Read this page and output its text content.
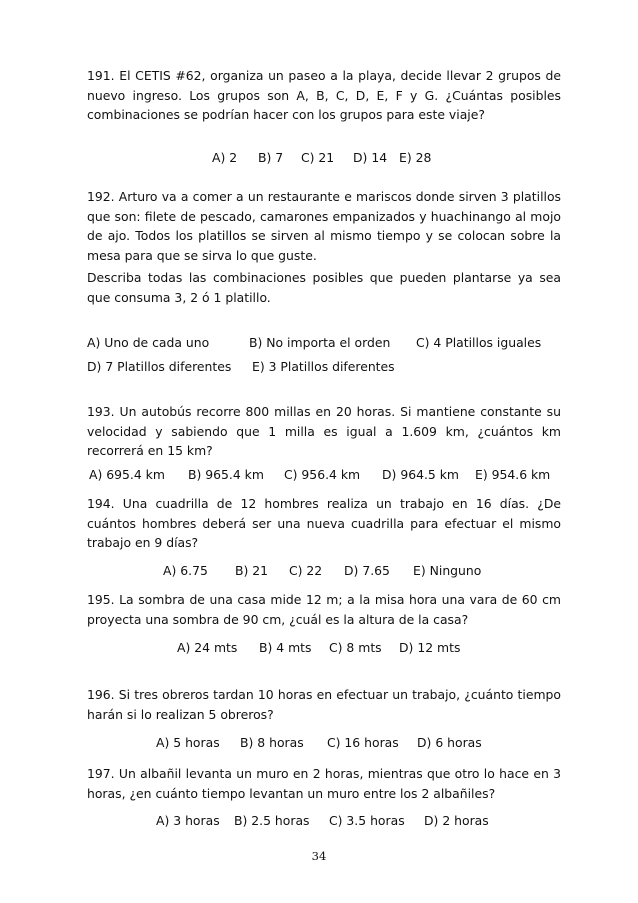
191. El CETIS #62, organiza un paseo a la playa, decide llevar 2 grupos de nuevo ingreso. Los grupos son A, B, C, D, E, F y G. ¿Cuántas posibles combinaciones se podrían hacer con los grupos para este viaje?
A) 2	B) 7	C) 21	D) 14 E) 28
192. Arturo va a comer a un restaurante e mariscos donde sirven 3 platillos que son: filete de pescado, camarones empanizados y huachinango al mojo de ajo. Todos los platillos se sirven al mismo tiempo y se colocan sobre la mesa para que se sirva lo que guste.
Describa todas las combinaciones posibles que pueden plantarse ya sea que consuma 3, 2 ó 1 platillo.
A) Uno de cada uno	B) No importa el orden	C) 4 Platillos iguales
D) 7 Platillos diferentes	E) 3 Platillos diferentes
193. Un autobús recorre 800 millas en 20 horas. Si mantiene constante su velocidad y sabiendo que 1 milla es igual a 1.609 km, ¿cuántos km recorrerá en 15 km?
A) 695.4 km	B) 965.4 km	C) 956.4 km	D) 964.5 km	E) 954.6 km
194. Una cuadrilla de 12 hombres realiza un trabajo en 16 días. ¿De cuántos hombres deberá ser una nueva cuadrilla para efectuar el mismo trabajo en 9 días?
A) 6.75	B) 21	C) 22	D) 7.65	E) Ninguno
195. La sombra de una casa mide 12 m; a la misa hora una vara de 60 cm proyecta una sombra de 90 cm, ¿cuál es la altura de la casa?
A) 24 mts	B) 4 mts	C) 8 mts	D) 12 mts
196. Si tres obreros tardan 10 horas en efectuar un trabajo, ¿cuánto tiempo harán si lo realizan 5 obreros?
A) 5 horas	B) 8 horas	C) 16 horas	D) 6 horas
197. Un albañil levanta un muro en 2 horas, mientras que otro lo hace en 3 horas, ¿en cuánto tiempo levantan un muro entre los 2 albañiles?
A) 3 horas	B) 2.5 horas	C) 3.5 horas	D) 2 horas
34
